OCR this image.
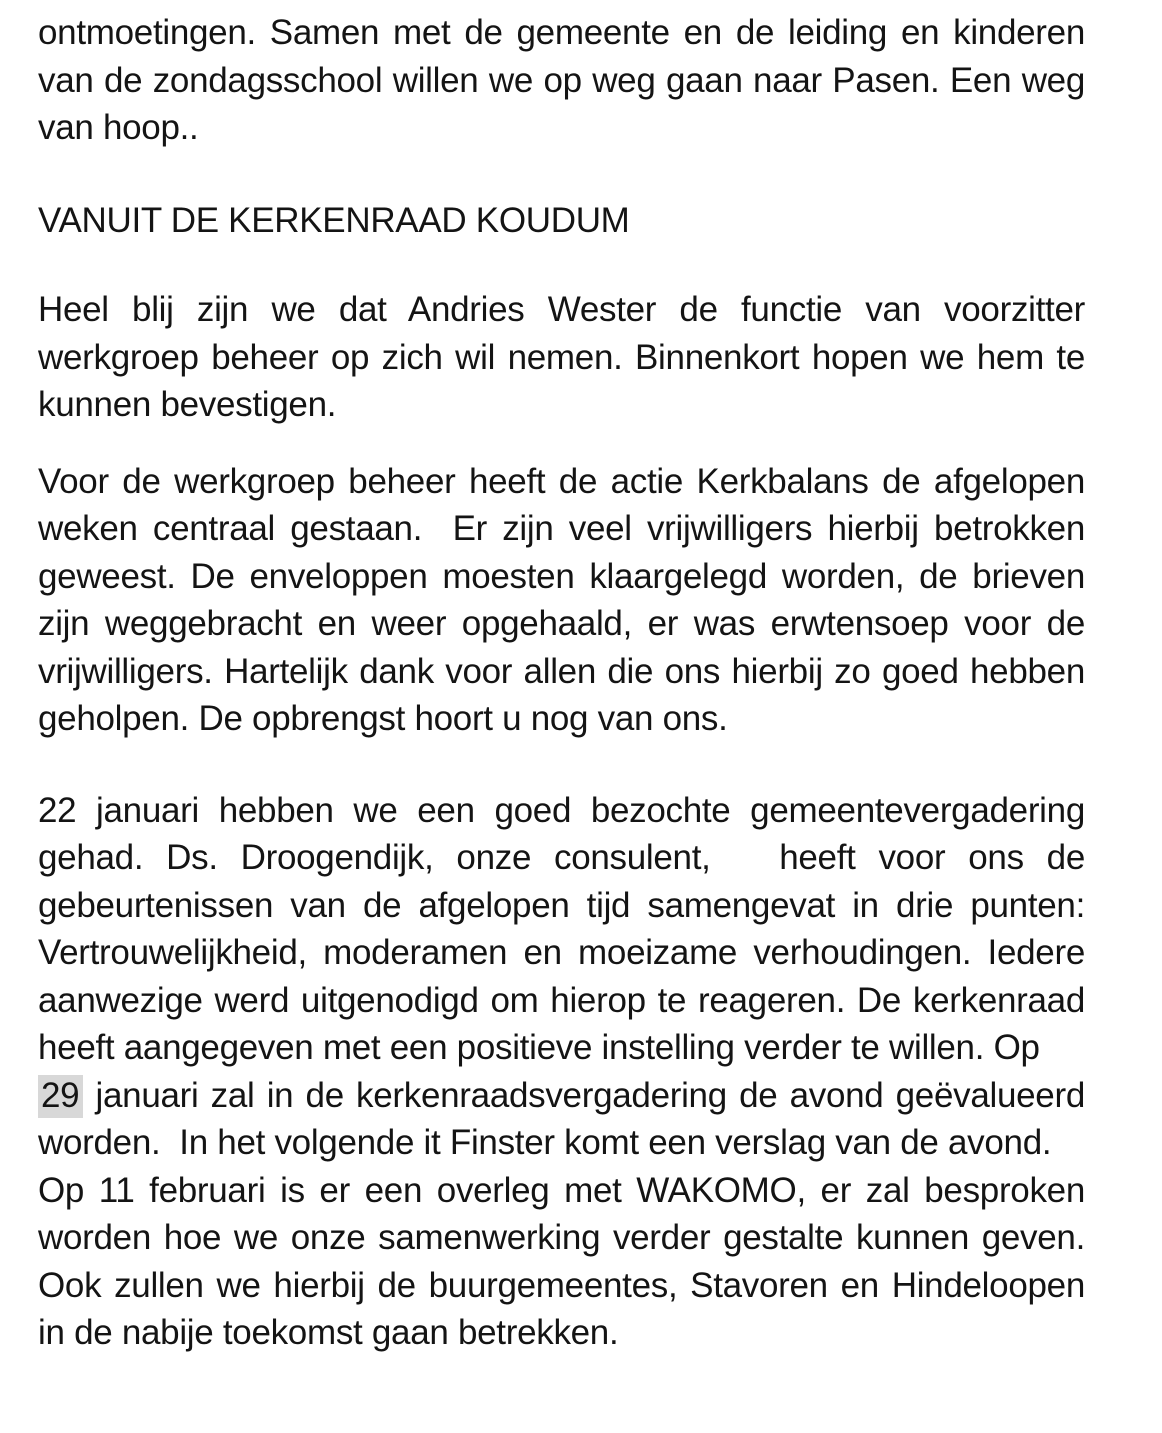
ontmoetingen. Samen met de gemeente en de leiding en kinderen
van de zondagsschool willen we op weg gaan naar Pasen. Een weg
van hoop..
VANUIT DE KERKENRAAD KOUDUM
Heel blij zijn we dat Andries Wester de functie van voorzitter
werkgroep beheer op zich wil nemen. Binnenkort hopen we hem te
kunnen bevestigen.
Voor de werkgroep beheer heeft de actie Kerkbalans de afgelopen
weken centraal gestaan.  Er zijn veel vrijwilligers hierbij betrokken
geweest. De enveloppen moesten klaargelegd worden, de brieven
zijn weggebracht en weer opgehaald, er was erwtensoep voor de
vrijwilligers. Hartelijk dank voor allen die ons hierbij zo goed hebben
geholpen. De opbrengst hoort u nog van ons.
22 januari hebben we een goed bezochte gemeentevergadering
gehad. Ds. Droogendijk, onze consulent,   heeft voor ons de
gebeurtenissen van de afgelopen tijd samengevat in drie punten:
Vertrouwelijkheid, moderamen en moeizame verhoudingen. Iedere
aanwezige werd uitgenodigd om hierop te reageren. De kerkenraad
heeft aangegeven met een positieve instelling verder te willen. Op
29 januari zal in de kerkenraadsvergadering de avond geëvalueerd
worden.  In het volgende it Finster komt een verslag van de avond.
Op 11 februari is er een overleg met WAKOMO, er zal besproken
worden hoe we onze samenwerking verder gestalte kunnen geven.
Ook zullen we hierbij de buurgemeentes, Stavoren en Hindeloopen
in de nabije toekomst gaan betrekken.
